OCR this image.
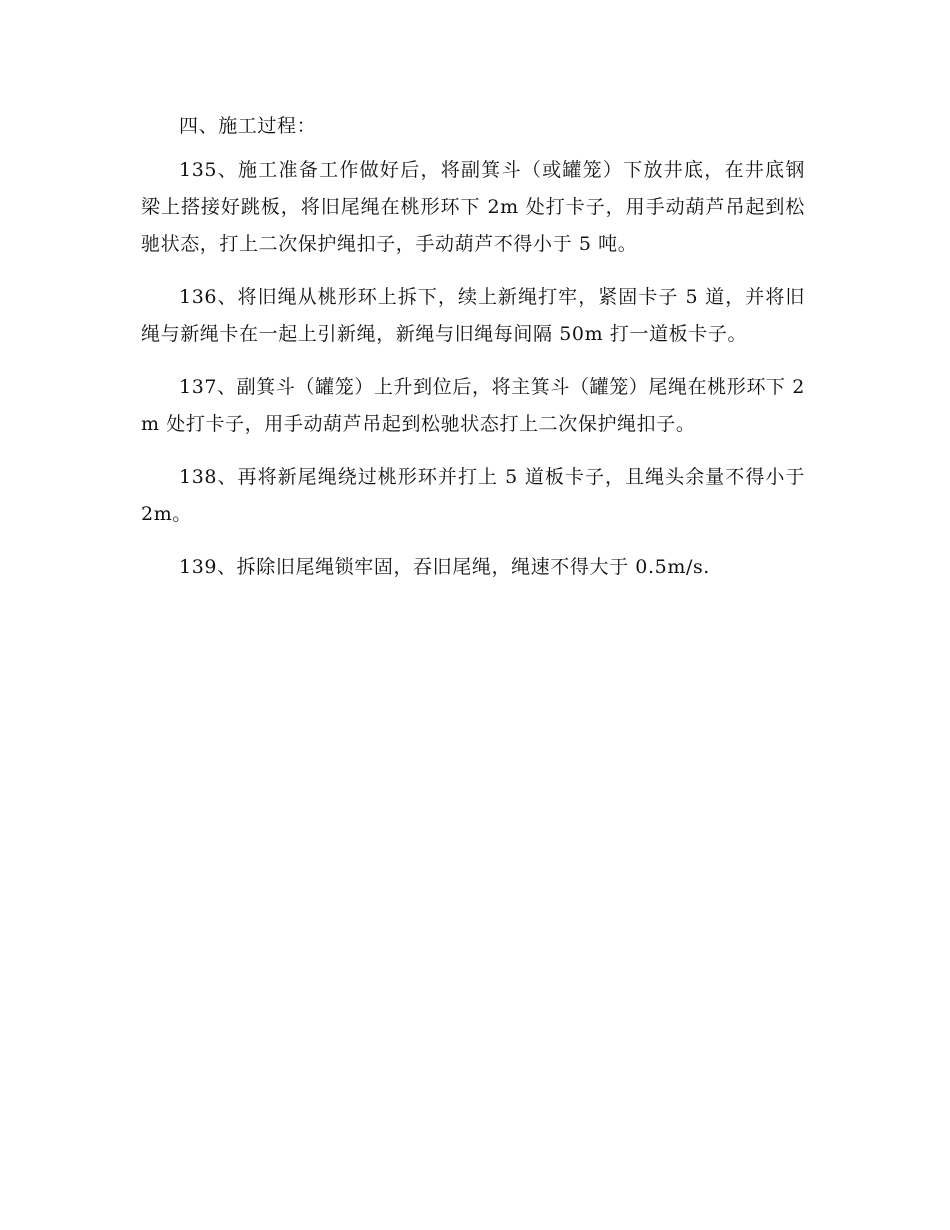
四、施工过程：

135、施工准备工作做好后，将副箕斗（或罐笼）下放井底，在井底钢梁上搭接好跳板，将旧尾绳在桃形环下 2m 处打卡子，用手动葫芦吊起到松驰状态，打上二次保护绳扣子，手动葫芦不得小于 5 吨。

136、将旧绳从桃形环上拆下，续上新绳打牢，紧固卡子 5 道，并将旧绳与新绳卡在一起上引新绳，新绳与旧绳每间隔 50m 打一道板卡子。

137、副箕斗（罐笼）上升到位后，将主箕斗（罐笼）尾绳在桃形环下 2m 处打卡子，用手动葫芦吊起到松驰状态打上二次保护绳扣子。

138、再将新尾绳绕过桃形环并打上 5 道板卡子，且绳头余量不得小于 2m。

139、拆除旧尾绳锁牢固，吞旧尾绳，绳速不得大于 0.5m/s.
